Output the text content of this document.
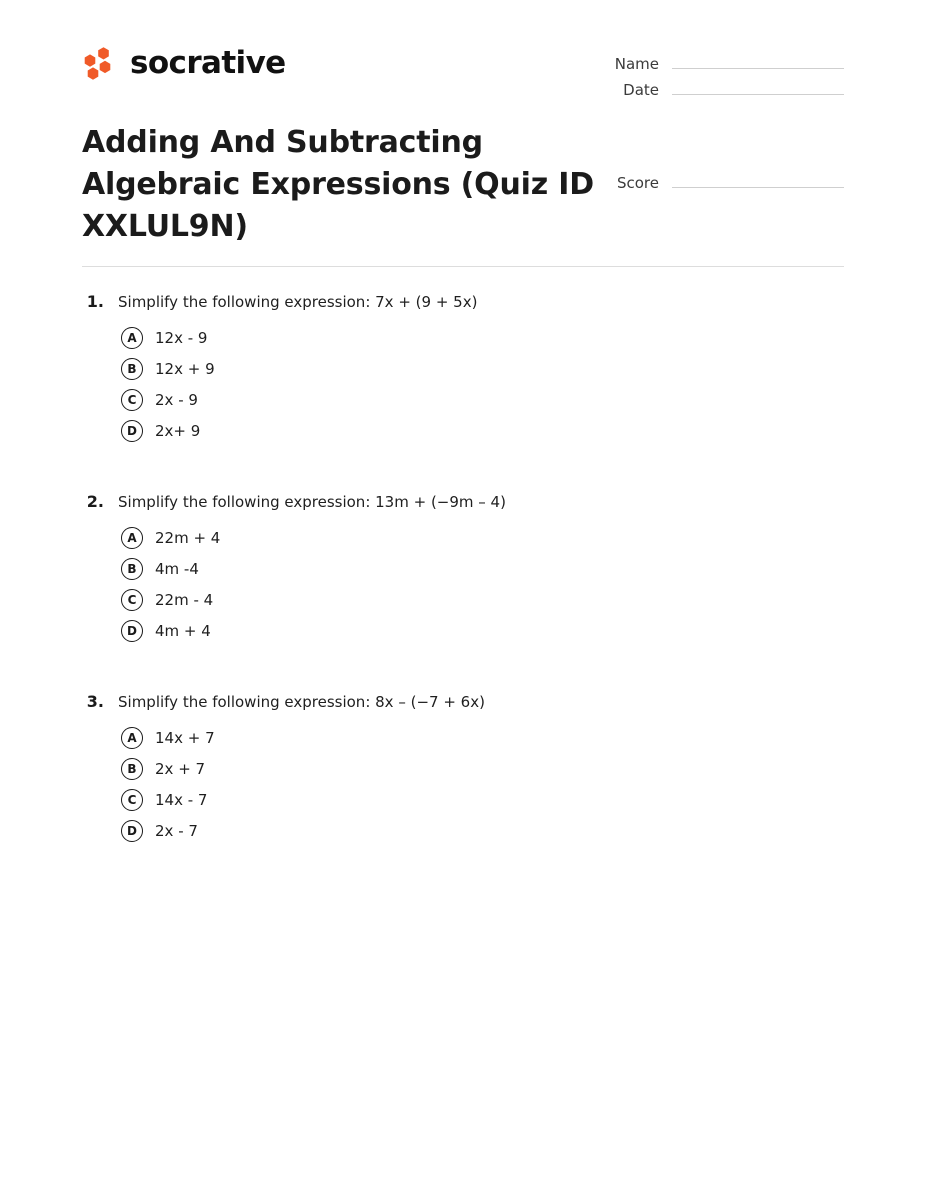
socrative	Name
Date
Adding And Subtracting Algebraic Expressions (Quiz ID XXLUL9N)
Score
1. Simplify the following expression: 7x + (9 + 5x)
A	12x - 9
B	12x + 9
C	2x - 9
D	2x+ 9
2. Simplify the following expression: 13m + (−9m – 4)
A	22m + 4
B	4m -4
C	22m - 4
D	4m + 4
3. Simplify the following expression: 8x – (−7 + 6x)
A	14x + 7
B	2x + 7
C	14x - 7
D	2x - 7
